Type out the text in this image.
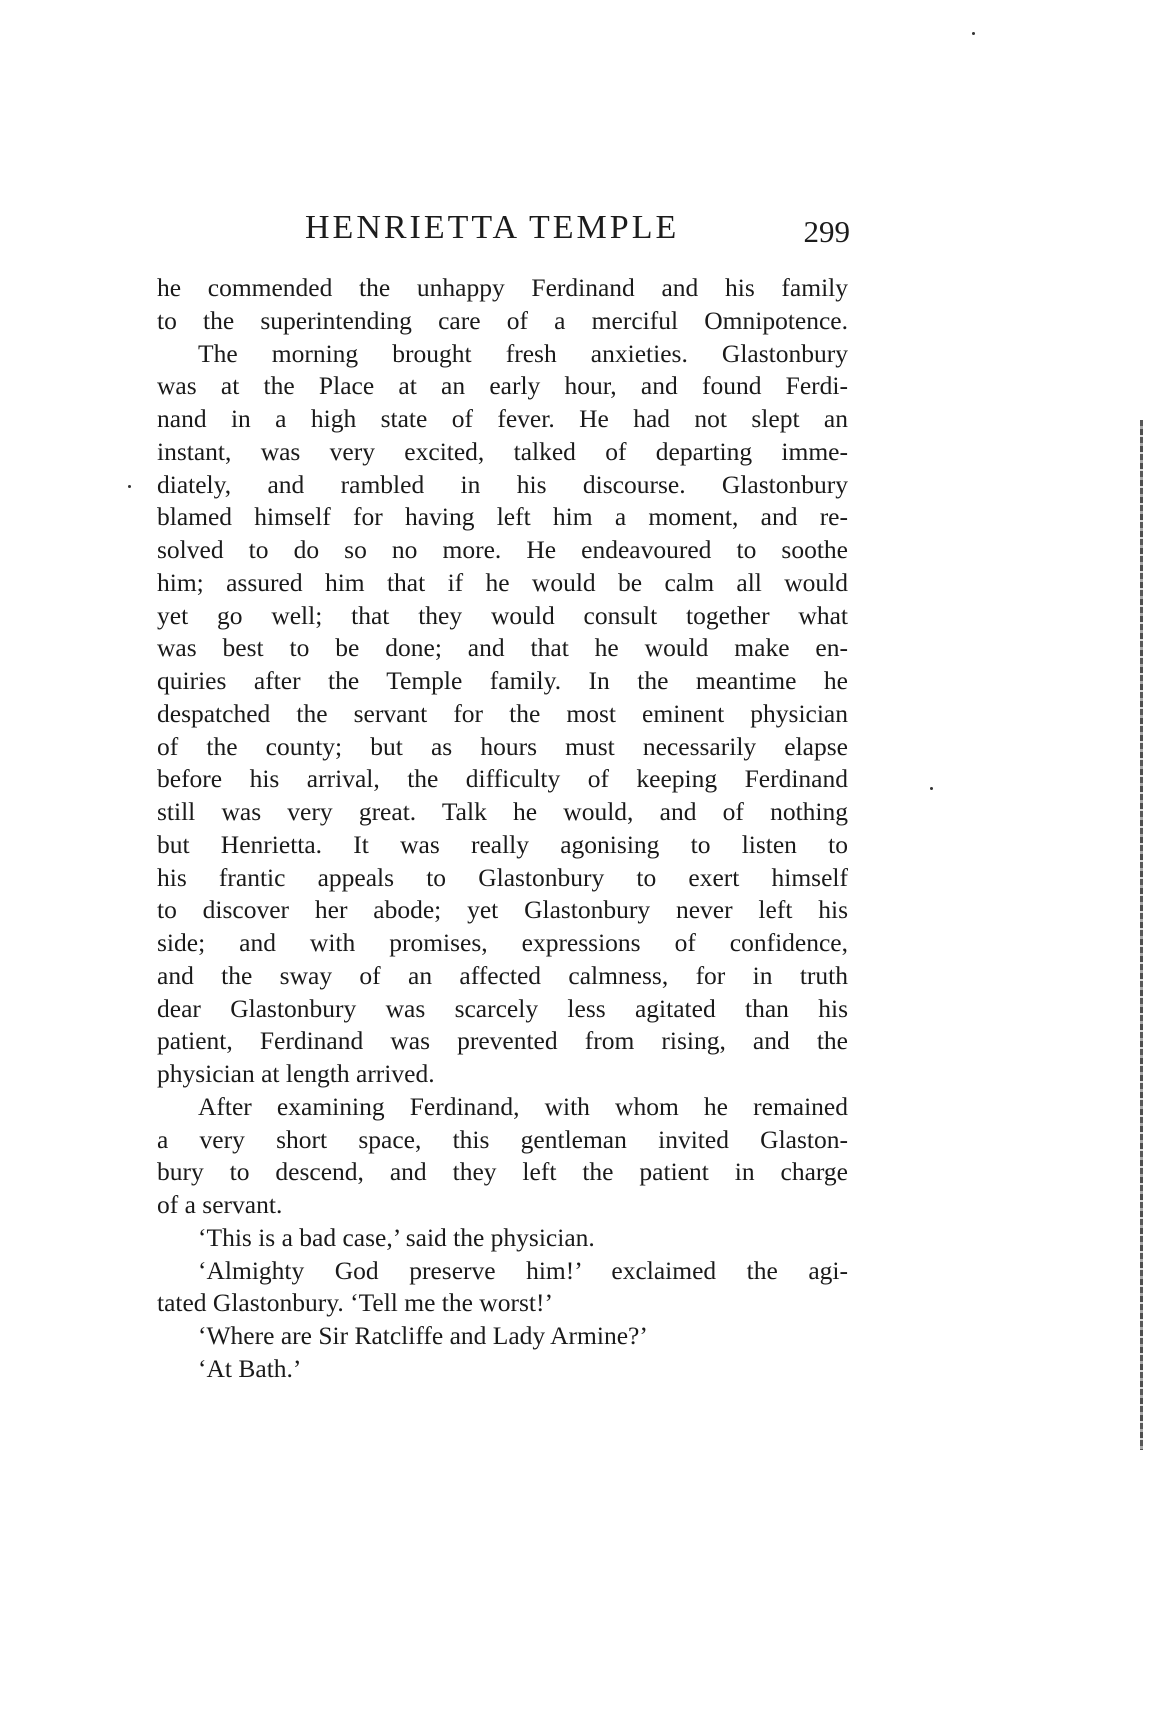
HENRIETTA TEMPLE	299
he commended the unhappy Ferdinand and his family
to the superintending care of a merciful Omnipotence.
The morning brought fresh anxieties. Glastonbury
was at the Place at an early hour, and found Ferdi-
nand in a high state of fever. He had not slept an
instant, was very excited, talked of departing imme-
diately, and rambled in his discourse. Glastonbury
blamed himself for having left him a moment, and re-
solved to do so no more. He endeavoured to soothe
him; assured him that if he would be calm all would
yet go well; that they would consult together what
was best to be done; and that he would make en-
quiries after the Temple family. In the meantime he
despatched the servant for the most eminent physician
of the county; but as hours must necessarily elapse
before his arrival, the difficulty of keeping Ferdinand
still was very great. Talk he would, and of nothing
but Henrietta. It was really agonising to listen to
his frantic appeals to Glastonbury to exert himself
to discover her abode; yet Glastonbury never left his
side; and with promises, expressions of confidence,
and the sway of an affected calmness, for in truth
dear Glastonbury was scarcely less agitated than his
patient, Ferdinand was prevented from rising, and the
physician at length arrived.
After examining Ferdinand, with whom he remained
a very short space, this gentleman invited Glaston-
bury to descend, and they left the patient in charge
of a servant.
‘This is a bad case,’ said the physician.
‘Almighty God preserve him!’ exclaimed the agi-
tated Glastonbury. ‘Tell me the worst!’
‘Where are Sir Ratcliffe and Lady Armine?’
‘At Bath.’
